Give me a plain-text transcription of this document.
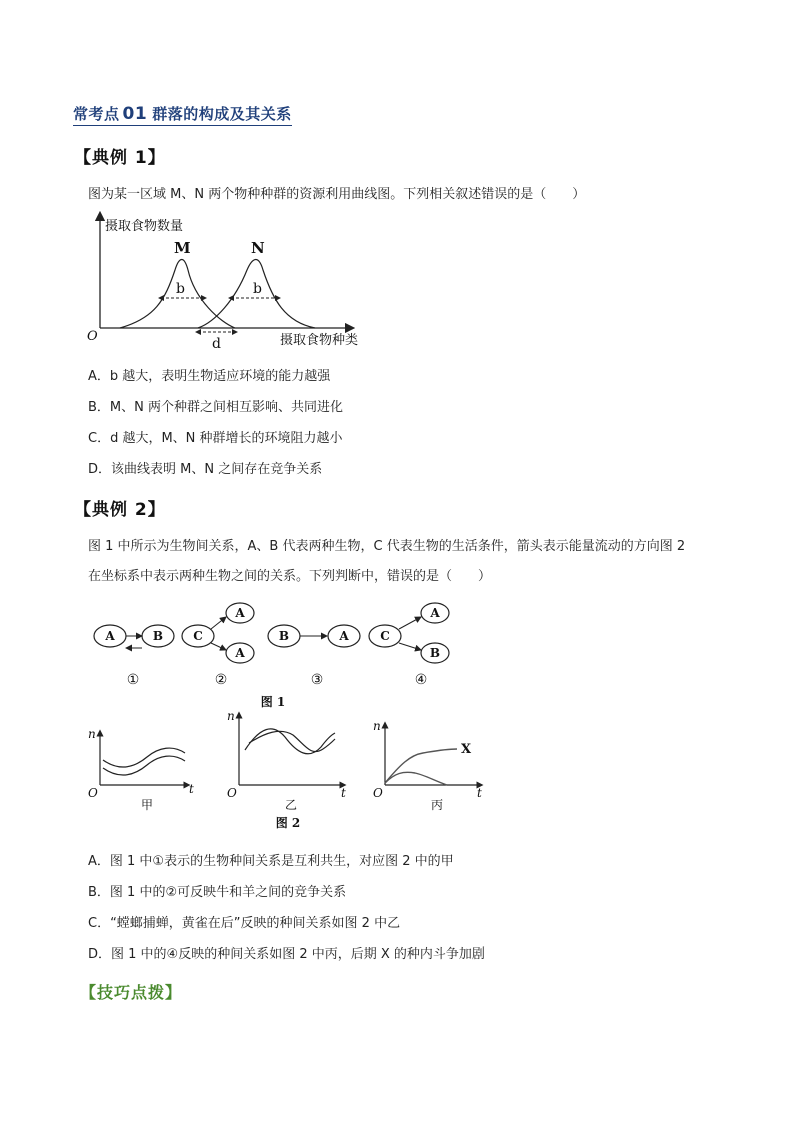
常考点 01 群落的构成及其关系
【典例 1】
图为某一区域 M、N 两个物种种群的资源利用曲线图。下列相关叙述错误的是（　　）
摄取食物数量
摄取食物种类
O
M	N
b	b
d
A．b 越大，表明生物适应环境的能力越强
B．M、N 两个种群之间相互影响、共同进化
C．d 越大，M、N 种群增长的环境阻力越小
D．该曲线表明 M、N 之间存在竞争关系
【典例 2】
图 1 中所示为生物间关系，A、B 代表两种生物，C 代表生物的生活条件，箭头表示能量流动的方向图 2
在坐标系中表示两种生物之间的关系。下列判断中，错误的是（　　）
A	B	C
A
A
B	A	C
A
B
①	②	③	④
图 1
n
t
O
甲
n
t
O
乙
n
t
O
X
丙
图 2
A．图 1 中①表示的生物种间关系是互利共生，对应图 2 中的甲
B．图 1 中的②可反映牛和羊之间的竞争关系
C．“螳螂捕蝉，黄雀在后”反映的种间关系如图 2 中乙
D．图 1 中的④反映的种间关系如图 2 中丙，后期 X 的种内斗争加剧
【技巧点拨】
